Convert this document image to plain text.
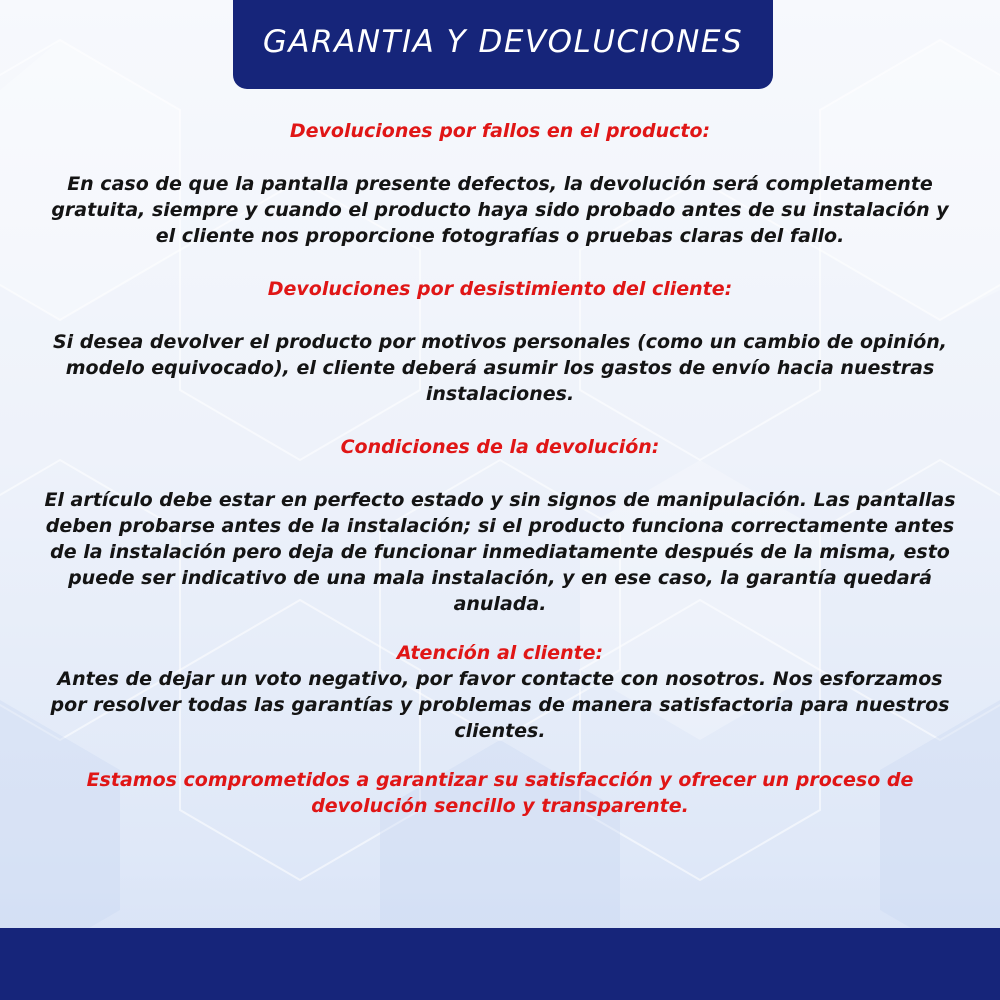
GARANTIA Y DEVOLUCIONES

Devoluciones por fallos en el producto:

En caso de que la pantalla presente defectos, la devolución será completamente gratuita, siempre y cuando el producto haya sido probado antes de su instalación y el cliente nos proporcione fotografías o pruebas claras del fallo.

Devoluciones por desistimiento del cliente:

Si desea devolver el producto por motivos personales (como un cambio de opinión, modelo equivocado), el cliente deberá asumir los gastos de envío hacia nuestras instalaciones.

Condiciones de la devolución:

El artículo debe estar en perfecto estado y sin signos de manipulación. Las pantallas deben probarse antes de la instalación; si el producto funciona correctamente antes de la instalación pero deja de funcionar inmediatamente después de la misma, esto puede ser indicativo de una mala instalación, y en ese caso, la garantía quedará anulada.

Atención al cliente:

Antes de dejar un voto negativo, por favor contacte con nosotros. Nos esforzamos por resolver todas las garantías y problemas de manera satisfactoria para nuestros clientes.

Estamos comprometidos a garantizar su satisfacción y ofrecer un proceso de devolución sencillo y transparente.
